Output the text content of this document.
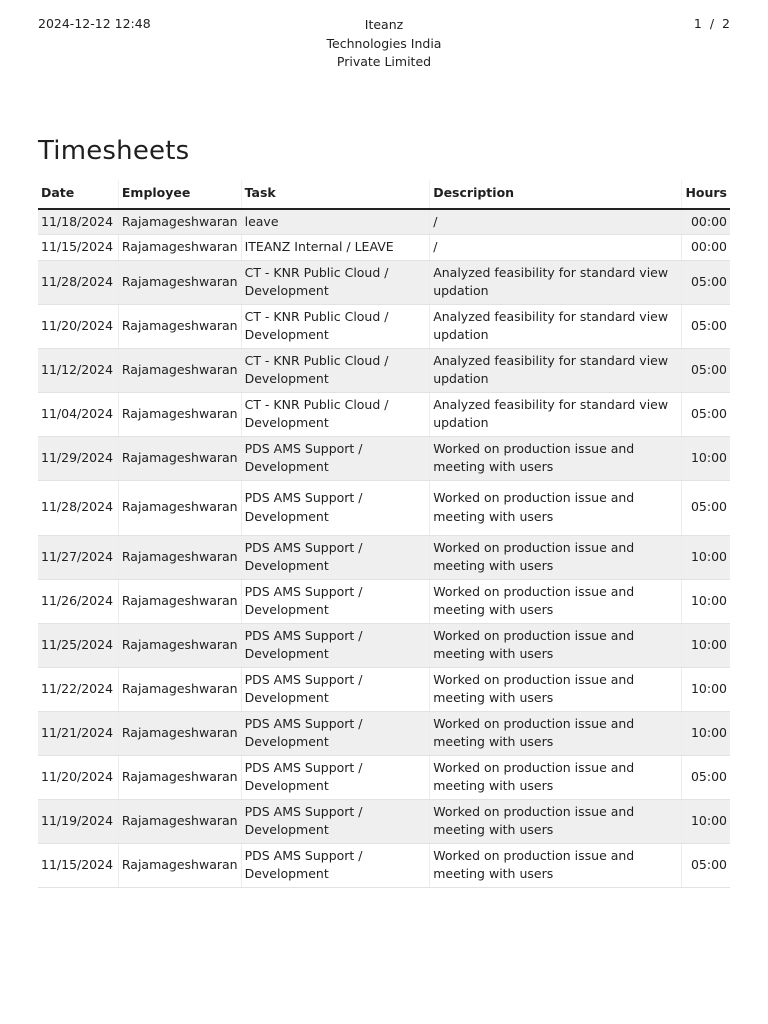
2024-12-12 12:48	Iteanz
Technologies India
Private Limited
1 / 2
Timesheets
Date	Employee	Task	Description	Hours
11/18/2024	Rajamageshwaran	leave	/	00:00
11/15/2024	Rajamageshwaran	ITEANZ Internal / LEAVE	/	00:00
11/28/2024	Rajamageshwaran	CT - KNR Public Cloud / Development	Analyzed feasibility for standard view updation	05:00
11/20/2024	Rajamageshwaran	CT - KNR Public Cloud / Development	Analyzed feasibility for standard view updation	05:00
11/12/2024	Rajamageshwaran	CT - KNR Public Cloud / Development	Analyzed feasibility for standard view updation	05:00
11/04/2024	Rajamageshwaran	CT - KNR Public Cloud / Development	Analyzed feasibility for standard view updation	05:00
11/29/2024	Rajamageshwaran	PDS AMS Support / Development	Worked on production issue and meeting with users	10:00
11/28/2024	Rajamageshwaran	PDS AMS Support / Development	Worked on production issue and meeting with users	05:00
11/27/2024	Rajamageshwaran	PDS AMS Support / Development	Worked on production issue and meeting with users	10:00
11/26/2024	Rajamageshwaran	PDS AMS Support / Development	Worked on production issue and meeting with users	10:00
11/25/2024	Rajamageshwaran	PDS AMS Support / Development	Worked on production issue and meeting with users	10:00
11/22/2024	Rajamageshwaran	PDS AMS Support / Development	Worked on production issue and meeting with users	10:00
11/21/2024	Rajamageshwaran	PDS AMS Support / Development	Worked on production issue and meeting with users	10:00
11/20/2024	Rajamageshwaran	PDS AMS Support / Development	Worked on production issue and meeting with users	05:00
11/19/2024	Rajamageshwaran	PDS AMS Support / Development	Worked on production issue and meeting with users	10:00
11/15/2024	Rajamageshwaran	PDS AMS Support / Development	Worked on production issue and meeting with users	05:00
